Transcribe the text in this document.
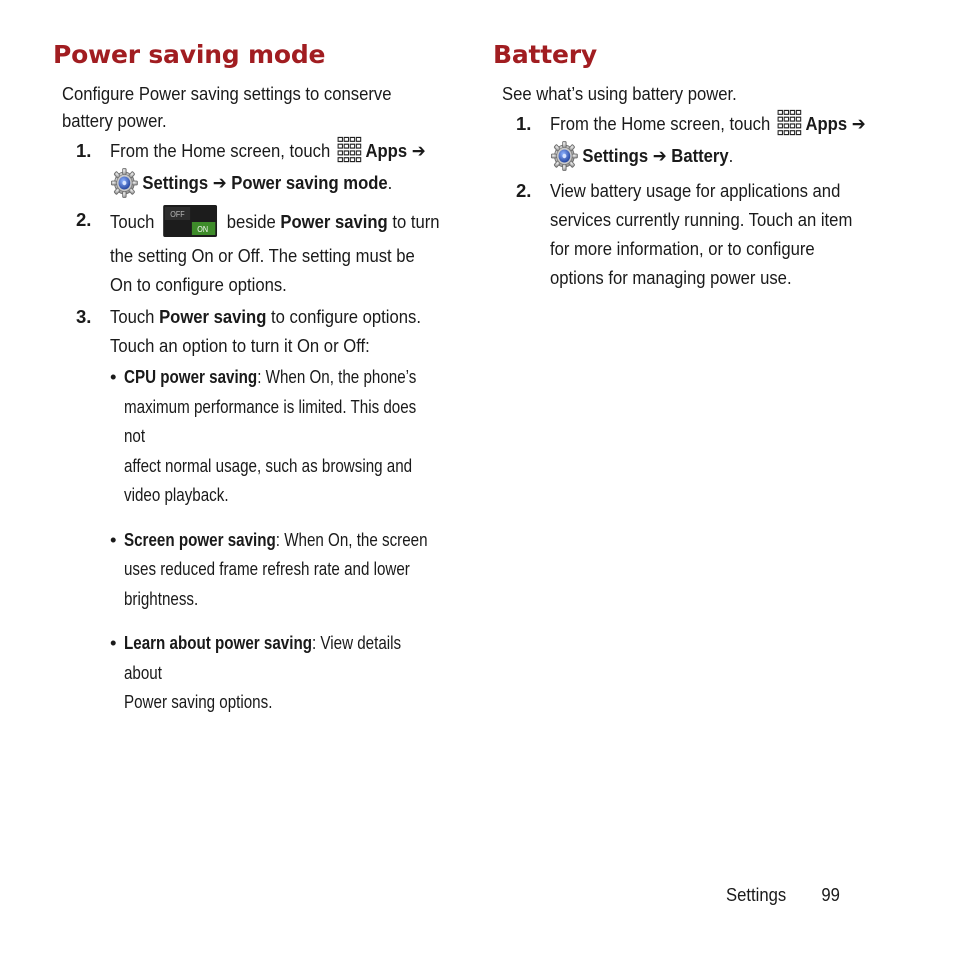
Power saving mode
Configure Power saving settings to conserve
battery power.
1. From the Home screen, touch Apps ➔
Settings ➔ Power saving mode.
2. Touch OFF
ON beside Power saving to turn
the setting On or Off. The setting must be
On to configure options.
3. Touch Power saving to configure options.
Touch an option to turn it On or Off:
• CPU power saving: When On, the phone’s
maximum performance is limited. This does not
affect normal usage, such as browsing and
video playback.
• Screen power saving: When On, the screen
uses reduced frame refresh rate and lower
brightness.
• Learn about power saving: View details about
Power saving options.
Battery
See what’s using battery power.
1. From the Home screen, touch Apps ➔
Settings ➔ Battery.
2. View battery usage for applications and
services currently running. Touch an item
for more information, or to configure
options for managing power use.
Settings 99
